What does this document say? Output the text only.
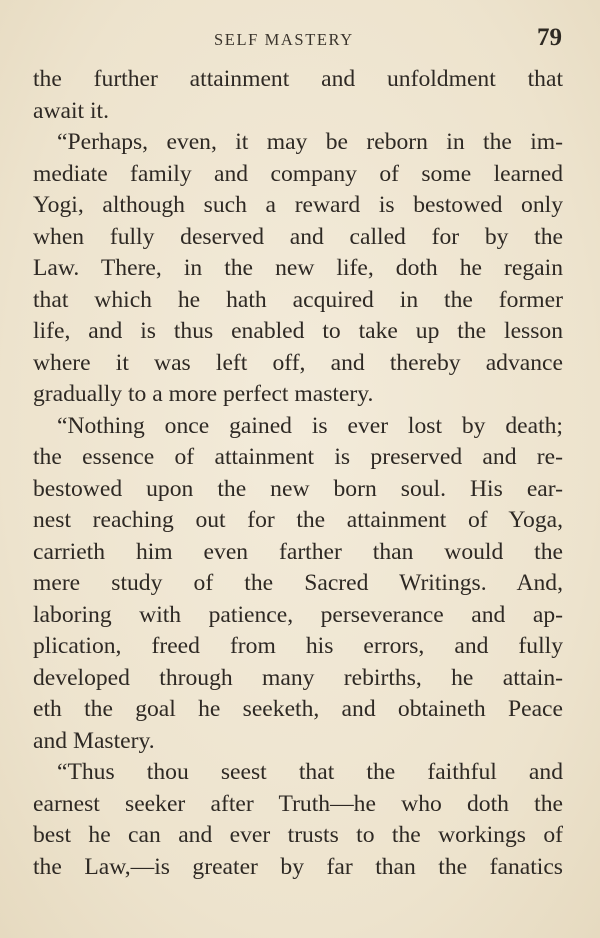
SELF MASTERY	79
the further attainment and unfoldment that
await it.
“Perhaps, even, it may be reborn in the im-
mediate family and company of some learned
Yogi, although such a reward is bestowed only
when fully deserved and called for by the
Law. There, in the new life, doth he regain
that which he hath acquired in the former
life, and is thus enabled to take up the lesson
where it was left off, and thereby advance
gradually to a more perfect mastery.
“Nothing once gained is ever lost by death;
the essence of attainment is preserved and re-
bestowed upon the new born soul. His ear-
nest reaching out for the attainment of Yoga,
carrieth him even farther than would the
mere study of the Sacred Writings. And,
laboring with patience, perseverance and ap-
plication, freed from his errors, and fully
developed through many rebirths, he attain-
eth the goal he seeketh, and obtaineth Peace
and Mastery.
“Thus thou seest that the faithful and
earnest seeker after Truth—he who doth the
best he can and ever trusts to the workings of
the Law,—is greater by far than the fanatics
